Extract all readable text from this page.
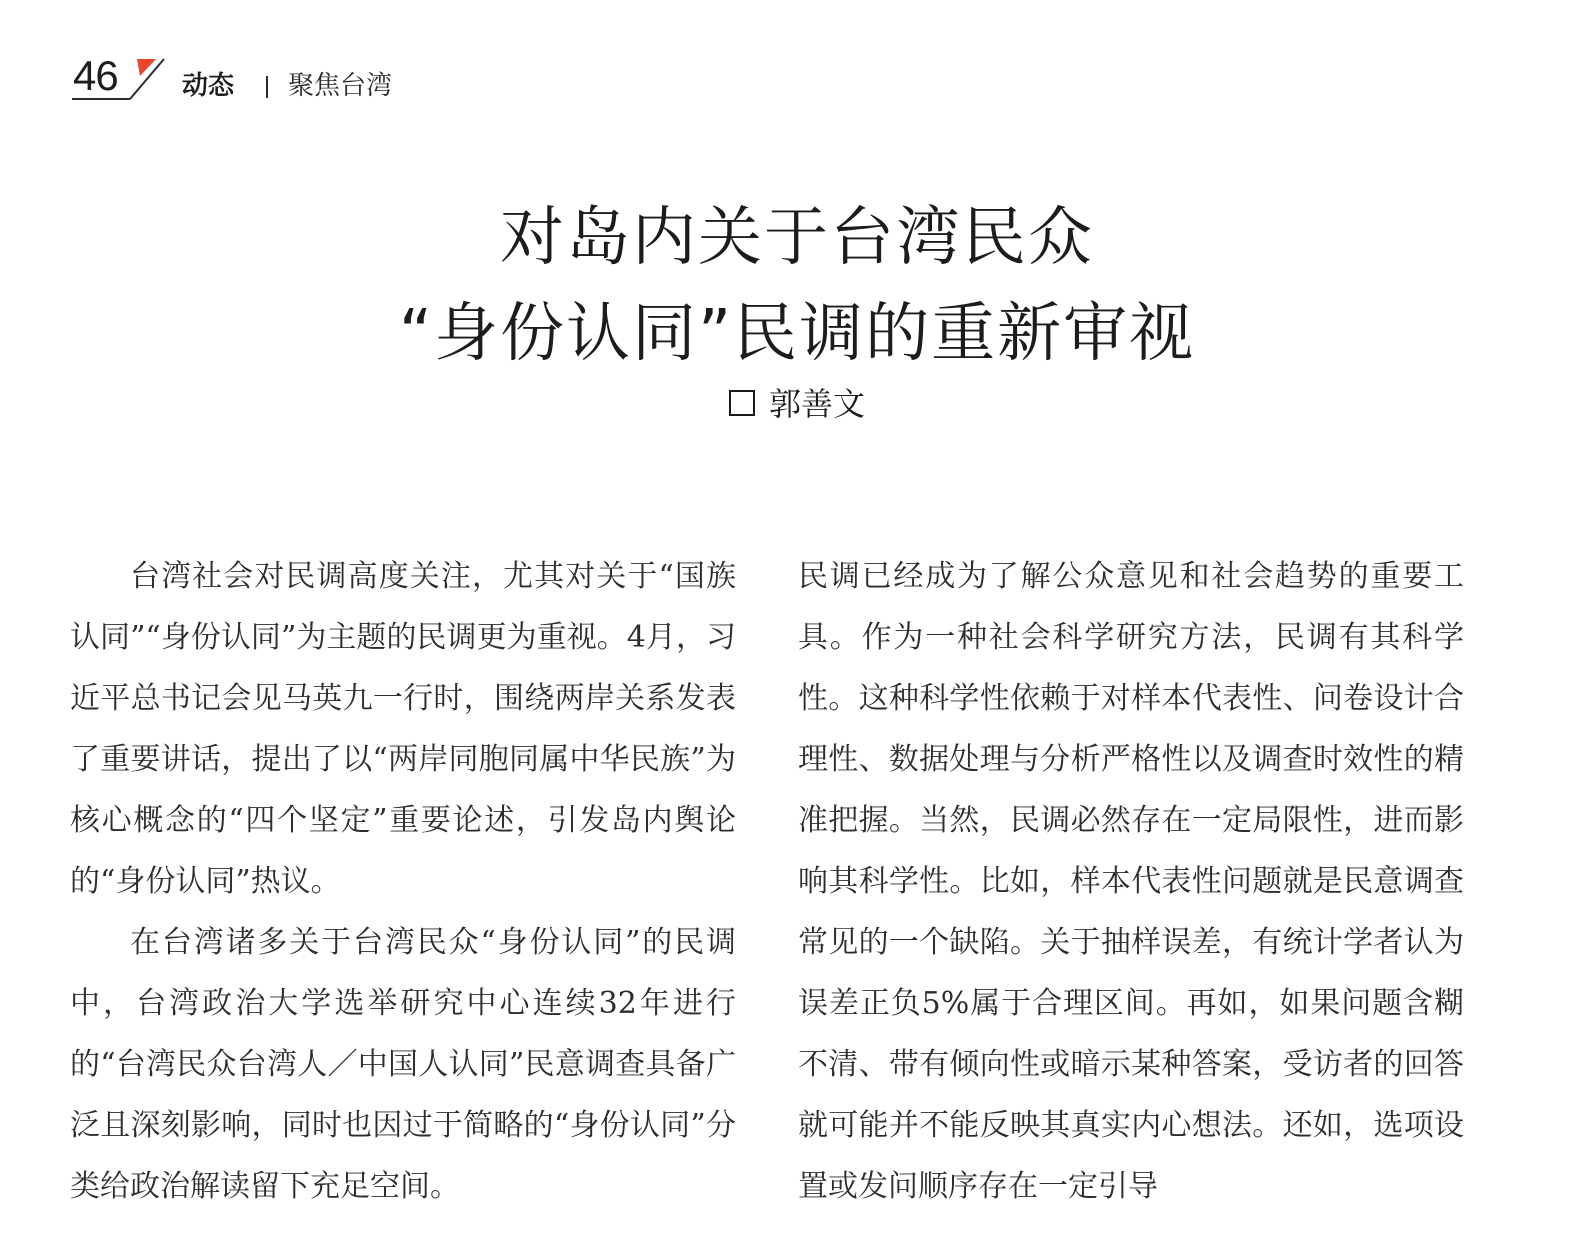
46 动态 聚焦台湾
对岛内关于台湾民众
“身份认同”民调的重新审视
郭善文

台湾社会对民调高度关注，尤其对关于“国族认同”“身份认同”为主题的民调更为重视。4月，习近平总书记会见马英九一行时，围绕两岸关系发表了重要讲话，提出了以“两岸同胞同属中华民族”为核心概念的“四个坚定”重要论述，引发岛内舆论的“身份认同”热议。

在台湾诸多关于台湾民众“身份认同”的民调中，台湾政治大学选举研究中心连续32年进行的“台湾民众台湾人／中国人认同”民意调查具备广泛且深刻影响，同时也因过于简略的“身份认同”分类给政治解读留下充足空间。

民调已经成为了解公众意见和社会趋势的重要工具。作为一种社会科学研究方法，民调有其科学性。这种科学性依赖于对样本代表性、问卷设计合理性、数据处理与分析严格性以及调查时效性的精准把握。当然，民调必然存在一定局限性，进而影响其科学性。比如，样本代表性问题就是民意调查常见的一个缺陷。关于抽样误差，有统计学者认为误差正负5%属于合理区间。再如，如果问题含糊不清、带有倾向性或暗示某种答案，受访者的回答就可能并不能反映其真实内心想法。还如，选项设置或发问顺序存在一定引导
